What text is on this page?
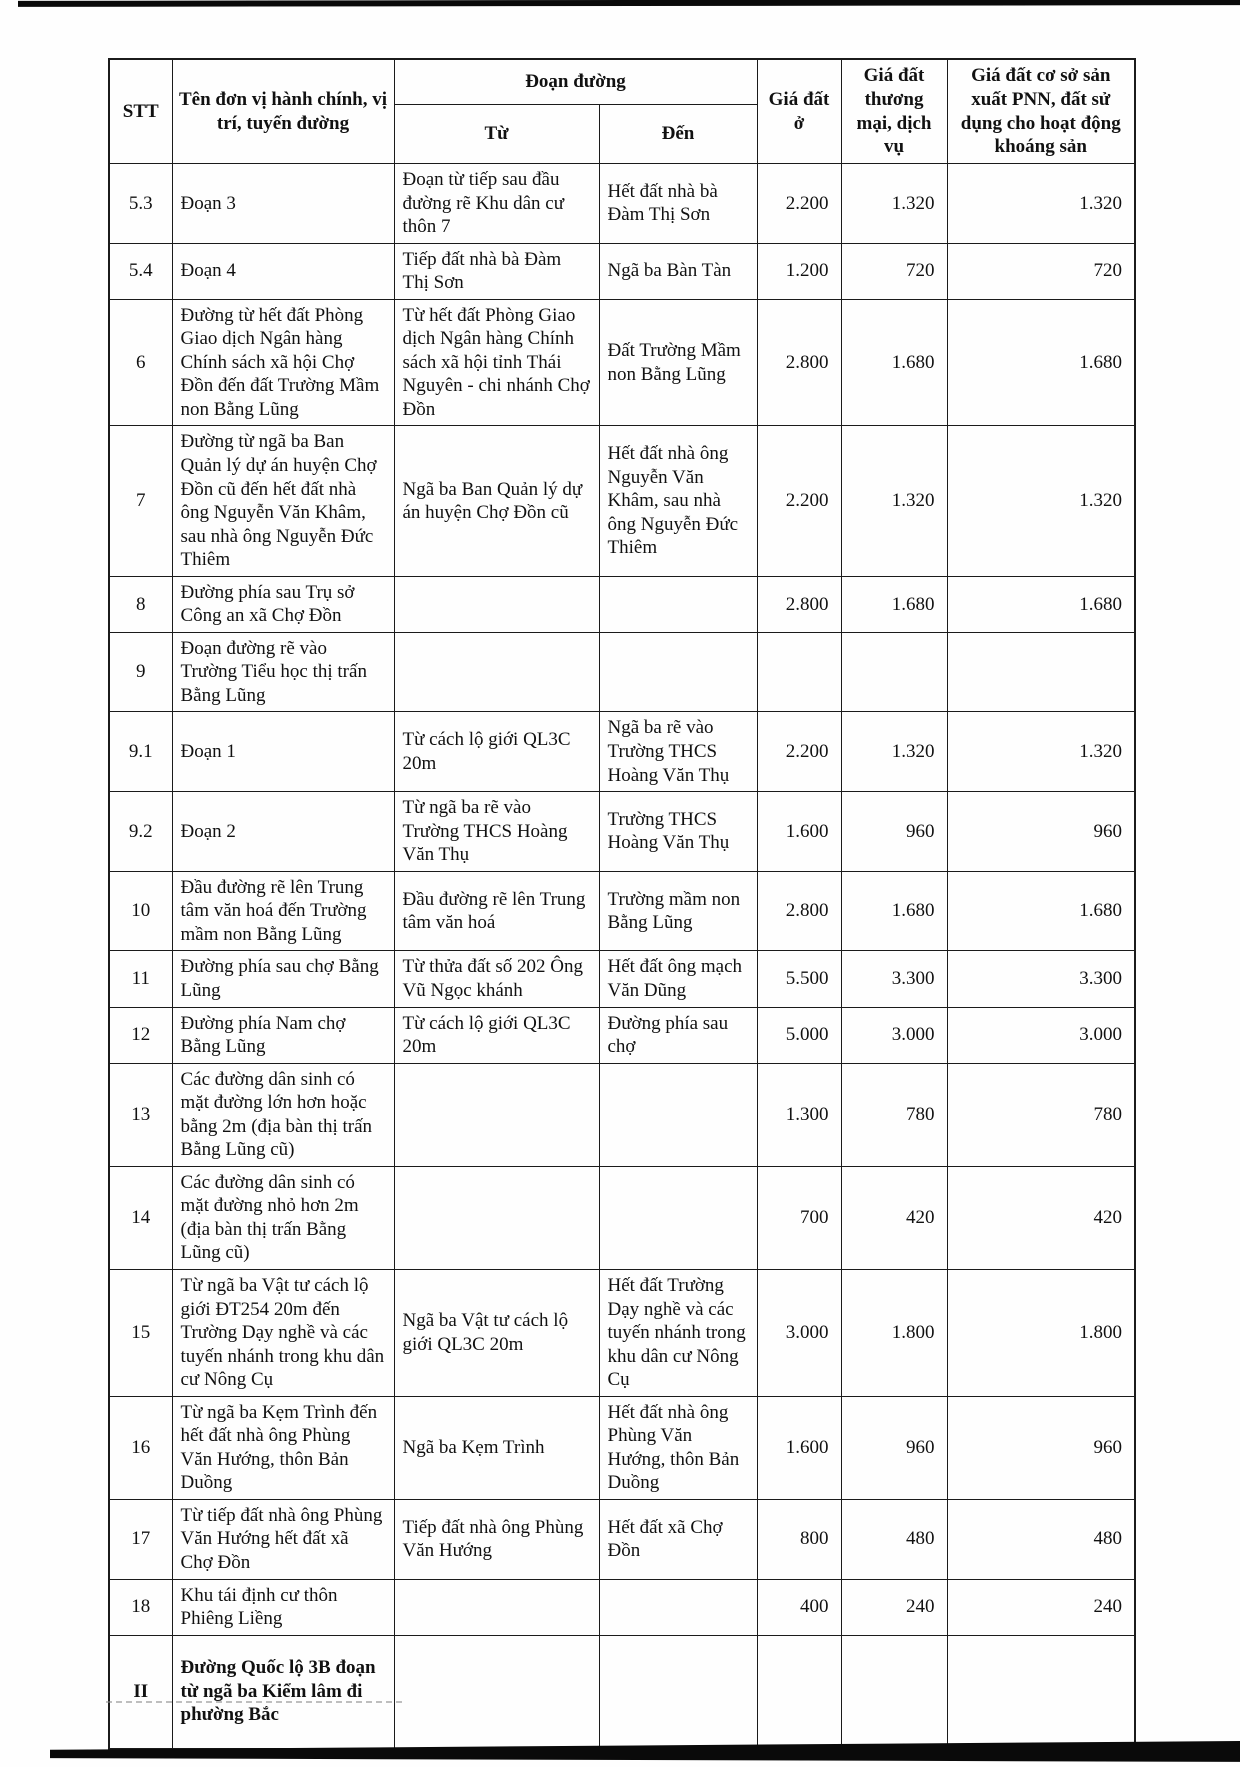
STT	Tên đơn vị hành chính, vị trí, tuyến đường	Đoạn đường		Giá đất ở	Giá đất thương mại, dịch vụ	Giá đất cơ sở sản xuất PNN, đất sử dụng cho hoạt động khoáng sản
		Từ	Đến			
5.3	Đoạn 3	Đoạn từ tiếp sau đầu đường rẽ Khu dân cư thôn 7	Hết đất nhà bà Đàm Thị Sơn	2.200	1.320	1.320
5.4	Đoạn 4	Tiếp đất nhà bà Đàm Thị Sơn	Ngã ba Bàn Tàn	1.200	720	720
6	Đường từ hết đất Phòng Giao dịch Ngân hàng Chính sách xã hội Chợ Đồn đến đất Trường Mầm non Bằng Lũng	Từ hết đất Phòng Giao dịch Ngân hàng Chính sách xã hội tỉnh Thái Nguyên - chi nhánh Chợ Đồn	Đất Trường Mầm non Bằng Lũng	2.800	1.680	1.680
7	Đường từ ngã ba Ban Quản lý dự án huyện Chợ Đồn cũ đến hết đất nhà ông Nguyễn Văn Khâm, sau nhà ông Nguyễn Đức Thiêm	Ngã ba Ban Quản lý dự án huyện Chợ Đồn cũ	Hết đất nhà ông Nguyễn Văn Khâm, sau nhà ông Nguyễn Đức Thiêm	2.200	1.320	1.320
8	Đường phía sau Trụ sở Công an xã Chợ Đồn			2.800	1.680	1.680
9	Đoạn đường rẽ vào Trường Tiểu học thị trấn Bằng Lũng					
9.1	Đoạn 1	Từ cách lộ giới QL3C 20m	Ngã ba rẽ vào Trường THCS Hoàng Văn Thụ	2.200	1.320	1.320
9.2	Đoạn 2	Từ ngã ba rẽ vào Trường THCS Hoàng Văn Thụ	Trường THCS Hoàng Văn Thụ	1.600	960	960
10	Đầu đường rẽ lên Trung tâm văn hoá đến Trường mầm non Bằng Lũng	Đầu đường rẽ lên Trung tâm văn hoá	Trường mầm non Bằng Lũng	2.800	1.680	1.680
11	Đường phía sau chợ Bằng Lũng	Từ thửa đất số 202 Ông Vũ Ngọc khánh	Hết đất ông mạch Văn Dũng	5.500	3.300	3.300
12	Đường phía Nam chợ Bằng Lũng	Từ cách lộ giới QL3C 20m	Đường phía sau chợ	5.000	3.000	3.000
13	Các đường dân sinh có mặt đường lớn hơn hoặc bằng 2m (địa bàn thị trấn Bằng Lũng cũ)			1.300	780	780
14	Các đường dân sinh có mặt đường nhỏ hơn 2m (địa bàn thị trấn Bằng Lũng cũ)			700	420	420
15	Từ ngã ba Vật tư cách lộ giới ĐT254 20m đến Trường Dạy nghề và các tuyến nhánh trong khu dân cư Nông Cụ	Ngã ba Vật tư cách lộ giới QL3C 20m	Hết đất Trường Dạy nghề và các tuyến nhánh trong khu dân cư Nông Cụ	3.000	1.800	1.800
16	Từ ngã ba Kẹm Trình đến hết đất nhà ông Phùng Văn Hướng, thôn Bản Duồng	Ngã ba Kẹm Trình	Hết đất nhà ông Phùng Văn Hướng, thôn Bản Duồng	1.600	960	960
17	Từ tiếp đất nhà ông Phùng Văn Hướng hết đất xã Chợ Đồn	Tiếp đất nhà ông Phùng Văn Hướng	Hết đất xã Chợ Đồn	800	480	480
18	Khu tái định cư thôn Phiêng Liềng			400	240	240
II	Đường Quốc lộ 3B đoạn từ ngã ba Kiểm lâm đi phường Bắc					
